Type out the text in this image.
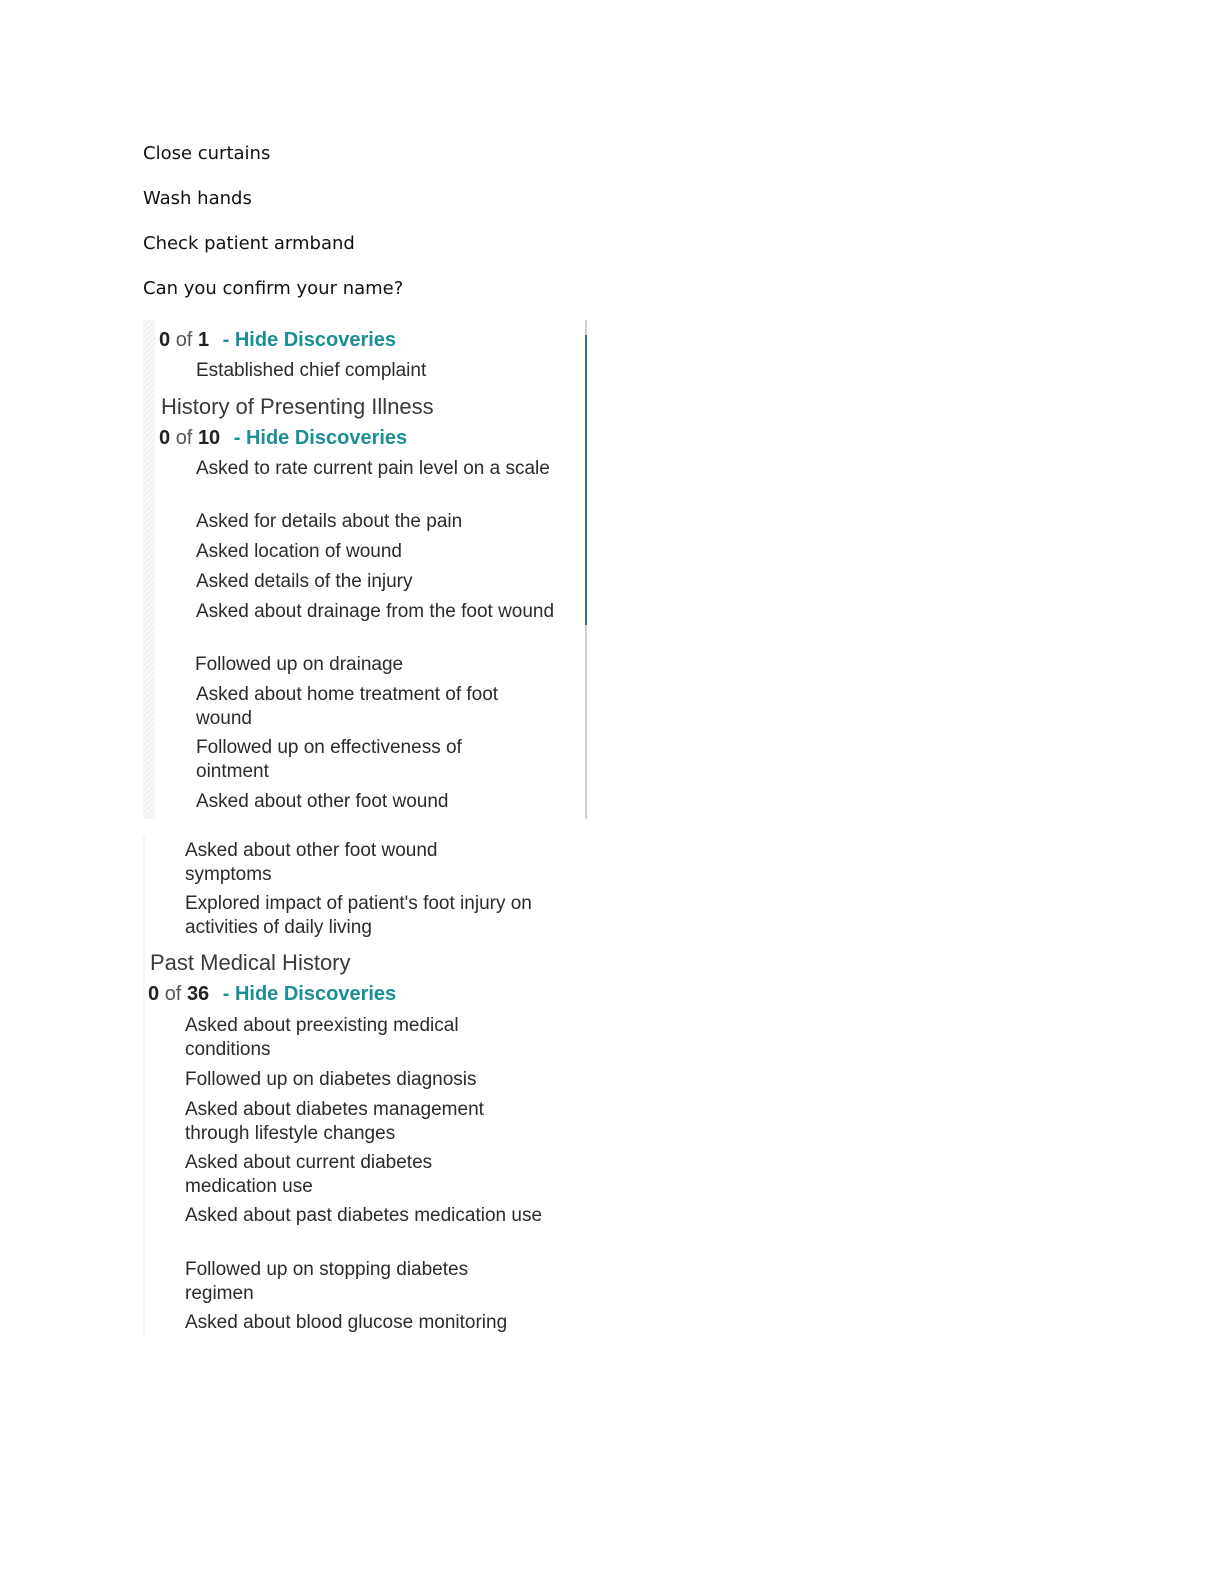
Close curtains

Wash hands

Check patient armband

Can you confirm your name?

0 of 1 - Hide Discoveries
Established chief complaint
History of Presenting Illness
0 of 10 - Hide Discoveries
Asked to rate current pain level on a scale
Asked for details about the pain
Asked location of wound
Asked details of the injury
Asked about drainage from the foot wound
Followed up on drainage
Asked about home treatment of foot wound
Followed up on effectiveness of ointment
Asked about other foot wound
Asked about other foot wound symptoms
Explored impact of patient's foot injury on activities of daily living
Past Medical History
0 of 36 - Hide Discoveries
Asked about preexisting medical conditions
Followed up on diabetes diagnosis
Asked about diabetes management through lifestyle changes
Asked about current diabetes medication use
Asked about past diabetes medication use
Followed up on stopping diabetes regimen
Asked about blood glucose monitoring
